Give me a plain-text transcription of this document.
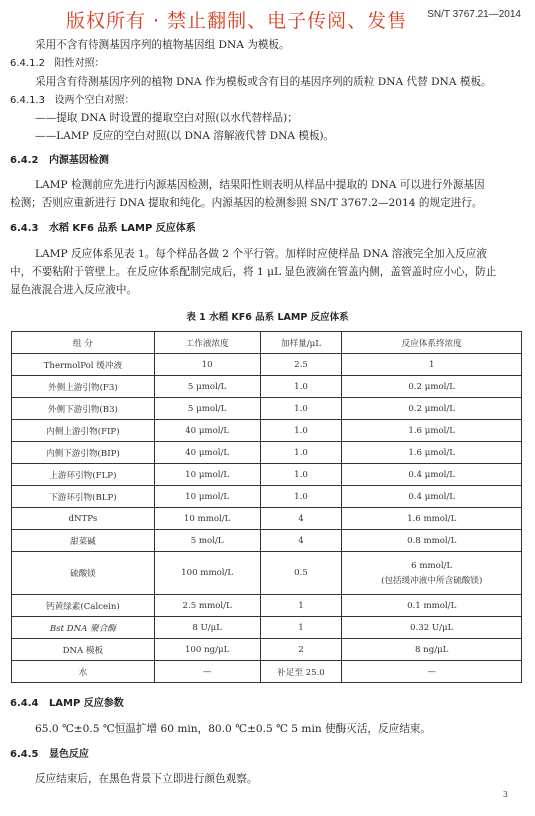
版权所有 · 禁止翻制、电子传阅、发售 SN/T 3767.21—2014
采用不含有待测基因序列的植物基因组 DNA 为模板。
6.4.1.2 阳性对照：
采用含有待测基因序列的植物 DNA 作为模板或含有目的基因序列的质粒 DNA 代替 DNA 模板。
6.4.1.3 设两个空白对照：
——提取 DNA 时设置的提取空白对照(以水代替样品)；
——LAMP 反应的空白对照(以 DNA 溶解液代替 DNA 模板)。
6.4.2 内源基因检测
LAMP 检测前应先进行内源基因检测，结果阳性则表明从样品中提取的 DNA 可以进行外源基因
检测；否则应重新进行 DNA 提取和纯化。内源基因的检测参照 SN/T 3767.2—2014 的规定进行。
6.4.3 水稻 KF6 品系 LAMP 反应体系
LAMP 反应体系见表 1。每个样品各做 2 个平行管。加样时应使样品 DNA 溶液完全加入反应液
中，不要粘附于管壁上。在反应体系配制完成后，将 1 μL 显色液滴在管盖内侧，盖管盖时应小心，防止
显色液混合进入反应液中。
表 1 水稻 KF6 品系 LAMP 反应体系
组 分	工作液浓度	加样量/μL	反应体系终浓度
ThermolPol 缓冲液	10	2.5	1
外侧上游引物(F3)	5 μmol/L	1.0	0.2 μmol/L
外侧下游引物(B3)	5 μmol/L	1.0	0.2 μmol/L
内侧上游引物(FIP)	40 μmol/L	1.0	1.6 μmol/L
内侧下游引物(BIP)	40 μmol/L	1.0	1.6 μmol/L
上游环引物(FLP)	10 μmol/L	1.0	0.4 μmol/L
下游环引物(BLP)	10 μmol/L	1.0	0.4 μmol/L
dNTPs	10 mmol/L	4	1.6 mmol/L
甜菜碱	5 mol/L	4	0.8 mmol/L
硫酸镁	100 mmol/L	0.5	6 mmol/L
(包括缓冲液中所含硫酸镁)

钙黄绿素(Calcein)	2.5 mmol/L	1	0.1 mmol/L
Bst DNA 聚合酶	8 U/μL	1	0.32 U/μL
DNA 模板	100 ng/μL	2	8 ng/μL
水	—	补足至 25.0	—
6.4.4 LAMP 反应参数
65.0 ℃±0.5 ℃恒温扩增 60 min，80.0 ℃±0.5 ℃ 5 min 使酶灭活，反应结束。
6.4.5 显色反应
反应结束后，在黑色背景下立即进行颜色观察。
3
